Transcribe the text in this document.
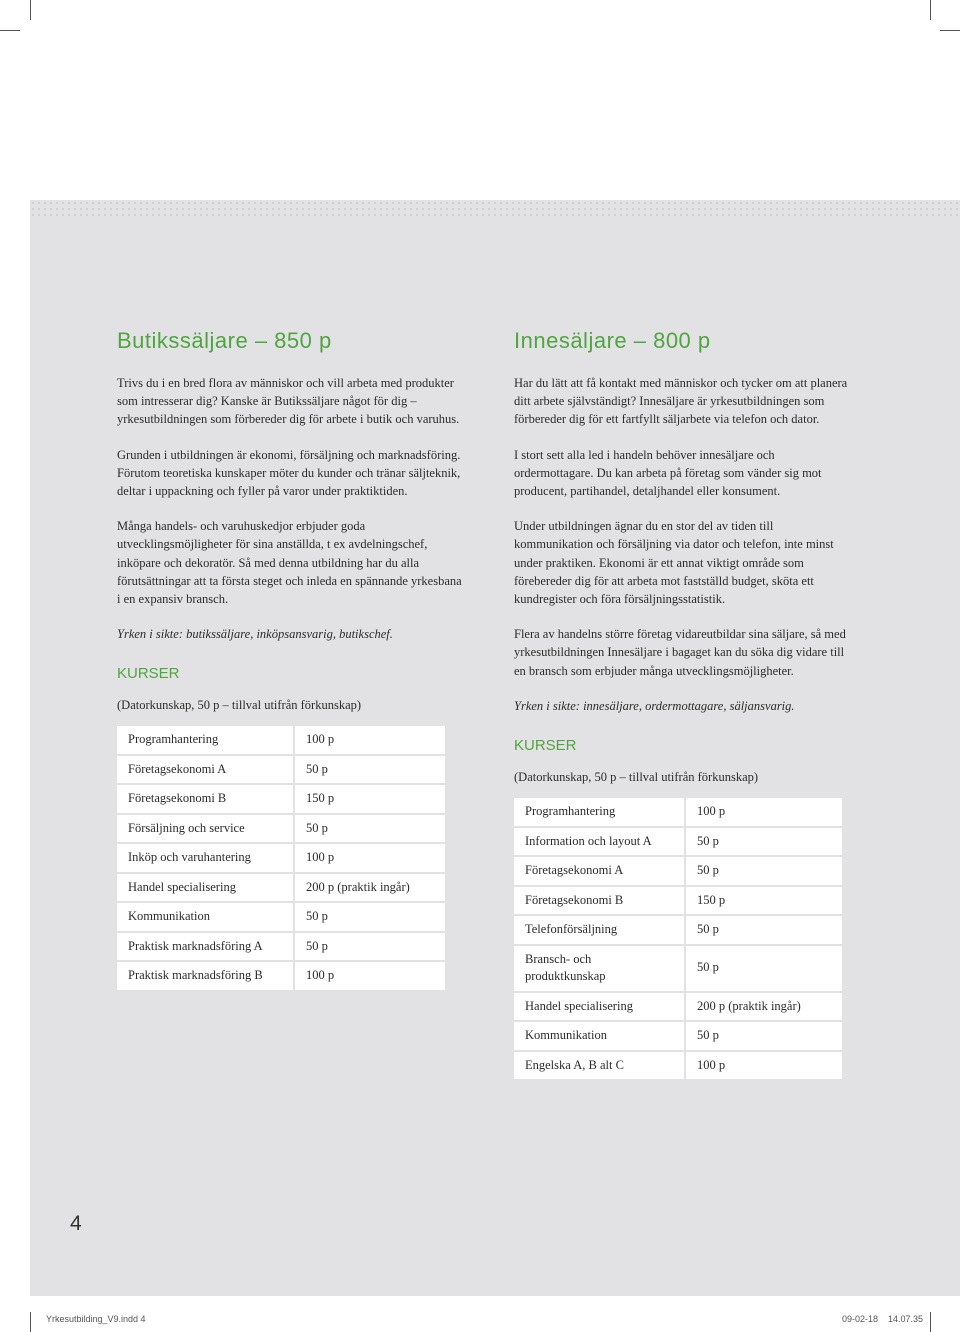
Butikssäljare – 850 p

Trivs du i en bred flora av människor och vill arbeta med produkter som intresserar dig? Kanske är Butikssäljare något för dig – yrkesutbildningen som förbereder dig för arbete i butik och varuhus.

Grunden i utbildningen är ekonomi, försäljning och marknadsföring. Förutom teoretiska kunskaper möter du kunder och tränar säljteknik, deltar i uppackning och fyller på varor under praktiktiden.

Många handels- och varuhuskedjor erbjuder goda utvecklingsmöjligheter för sina anställda, t ex avdelningschef, inköpare och dekoratör. Så med denna utbildning har du alla förutsättningar att ta första steget och inleda en spännande yrkesbana i en expansiv bransch.

Yrken i sikte: butikssäljare, inköpsansvarig, butikschef.

KURSER

(Datorkunskap, 50 p – tillval utifrån förkunskap)

Programhantering	100 p
Företagsekonomi A	50 p
Företagsekonomi B	150 p
Försäljning och service	50 p
Inköp och varuhantering	100 p
Handel specialisering	200 p (praktik ingår)
Kommunikation	50 p
Praktisk marknadsföring A	50 p
Praktisk marknadsföring B	100 p
Innesäljare – 800 p

Har du lätt att få kontakt med människor och tycker om att planera ditt arbete självständigt? Innesäljare är yrkesutbildningen som förbereder dig för ett fartfyllt säljarbete via telefon och dator.

I stort sett alla led i handeln behöver innesäljare och ordermottagare. Du kan arbeta på företag som vänder sig mot producent, partihandel, detaljhandel eller konsument.

Under utbildningen ägnar du en stor del av tiden till kommunikation och försäljning via dator och telefon, inte minst under praktiken. Ekonomi är ett annat viktigt område som förebereder dig för att arbeta mot fastställd budget, sköta ett kundregister och föra försäljningsstatistik.

Flera av handelns större företag vidareutbildar sina säljare, så med yrkesutbildningen Innesäljare i bagaget kan du söka dig vidare till en bransch som erbjuder många utvecklingsmöjligheter.

Yrken i sikte: innesäljare, ordermottagare, säljansvarig.

KURSER

(Datorkunskap, 50 p – tillval utifrån förkunskap)

Programhantering	100 p
Information och layout A	50 p
Företagsekonomi A	50 p
Företagsekonomi B	150 p
Telefonförsäljning	50 p
Bransch- och produktkunskap	50 p
Handel specialisering	200 p (praktik ingår)
Kommunikation	50 p
Engelska A, B alt C	100 p
4
Yrkesutbilding_V9.indd 4	09-02-18 14.07.35
